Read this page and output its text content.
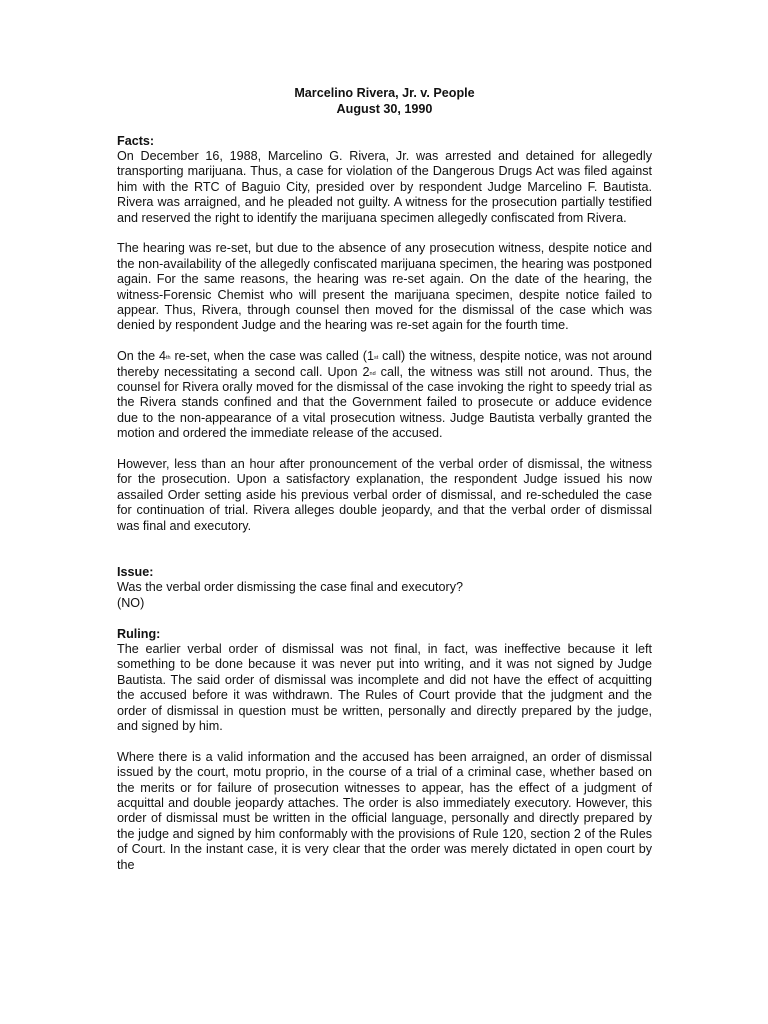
Marcelino Rivera, Jr. v. People
August 30, 1990
Facts:

On December 16, 1988, Marcelino G. Rivera, Jr. was arrested and detained for allegedly transporting marijuana. Thus, a case for violation of the Dangerous Drugs Act was filed against him with the RTC of Baguio City, presided over by respondent Judge Marcelino F. Bautista. Rivera was arraigned, and he pleaded not guilty. A witness for the prosecution partially testified and reserved the right to identify the marijuana specimen allegedly confiscated from Rivera.

The hearing was re-set, but due to the absence of any prosecution witness, despite notice and the non-availability of the allegedly confiscated marijuana specimen, the hearing was postponed again. For the same reasons, the hearing was re-set again. On the date of the hearing, the witness-Forensic Chemist who will present the marijuana specimen, despite notice failed to appear. Thus, Rivera, through counsel then moved for the dismissal of the case which was denied by respondent Judge and the hearing was re-set again for the fourth time.

On the 4th re-set, when the case was called (1st call) the witness, despite notice, was not around thereby necessitating a second call. Upon 2nd call, the witness was still not around. Thus, the counsel for Rivera orally moved for the dismissal of the case invoking the right to speedy trial as the Rivera stands confined and that the Government failed to prosecute or adduce evidence due to the non-appearance of a vital prosecution witness. Judge Bautista verbally granted the motion and ordered the immediate release of the accused.

However, less than an hour after pronouncement of the verbal order of dismissal, the witness for the prosecution. Upon a satisfactory explanation, the respondent Judge issued his now assailed Order setting aside his previous verbal order of dismissal, and re-scheduled the case for continuation of trial. Rivera alleges double jeopardy, and that the verbal order of dismissal was final and executory.

Issue:
Was the verbal order dismissing the case final and executory?

(NO)

Ruling:

The earlier verbal order of dismissal was not final, in fact, was ineffective because it left something to be done because it was never put into writing, and it was not signed by Judge Bautista. The said order of dismissal was incomplete and did not have the effect of acquitting the accused before it was withdrawn. The Rules of Court provide that the judgment and the order of dismissal in question must be written, personally and directly prepared by the judge, and signed by him.

Where there is a valid information and the accused has been arraigned, an order of dismissal issued by the court, motu proprio, in the course of a trial of a criminal case, whether based on the merits or for failure of prosecution witnesses to appear, has the effect of a judgment of acquittal and double jeopardy attaches. The order is also immediately executory. However, this order of dismissal must be written in the official language, personally and directly prepared by the judge and signed by him conformably with the provisions of Rule 120, section 2 of the Rules of Court. In the instant case, it is very clear that the order was merely dictated in open court by the
